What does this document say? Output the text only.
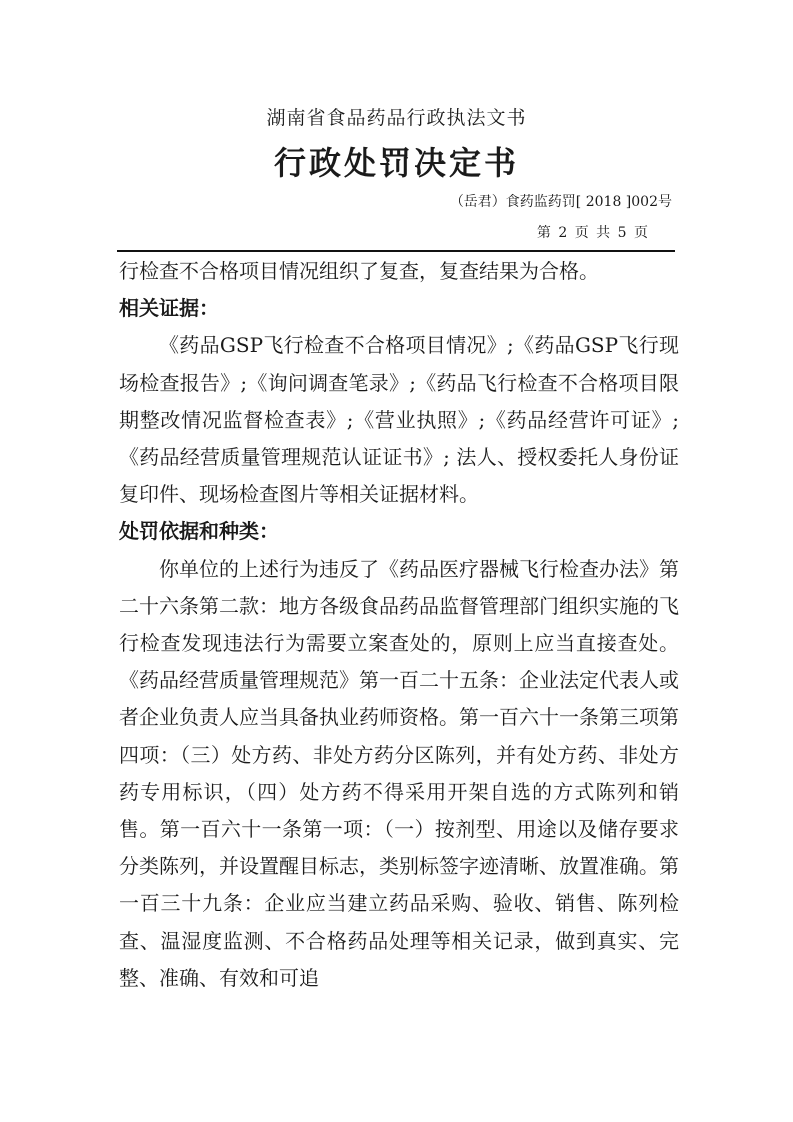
湖南省食品药品行政执法文书
行政处罚决定书
（岳君）食药监药罚[ 2018 ]002号
第 2 页 共 5 页

行检查不合格项目情况组织了复查，复查结果为合格。

相关证据：

《药品GSP飞行检查不合格项目情况》;《药品GSP飞行现场检查报告》;《询问调查笔录》;《药品飞行检查不合格项目限期整改情况监督检查表》;《营业执照》;《药品经营许可证》;《药品经营质量管理规范认证证书》; 法人、授权委托人身份证复印件、现场检查图片等相关证据材料。

处罚依据和种类：

你单位的上述行为违反了《药品医疗器械飞行检查办法》第二十六条第二款：地方各级食品药品监督管理部门组织实施的飞行检查发现违法行为需要立案查处的，原则上应当直接查处。《药品经营质量管理规范》第一百二十五条：企业法定代表人或者企业负责人应当具备执业药师资格。第一百六十一条第三项第四项：（三）处方药、非处方药分区陈列，并有处方药、非处方药专用标识，（四）处方药不得采用开架自选的方式陈列和销售。第一百六十一条第一项：（一）按剂型、用途以及储存要求分类陈列，并设置醒目标志，类别标签字迹清晰、放置准确。第一百三十九条：企业应当建立药品采购、验收、销售、陈列检查、温湿度监测、不合格药品处理等相关记录，做到真实、完整、准确、有效和可追
